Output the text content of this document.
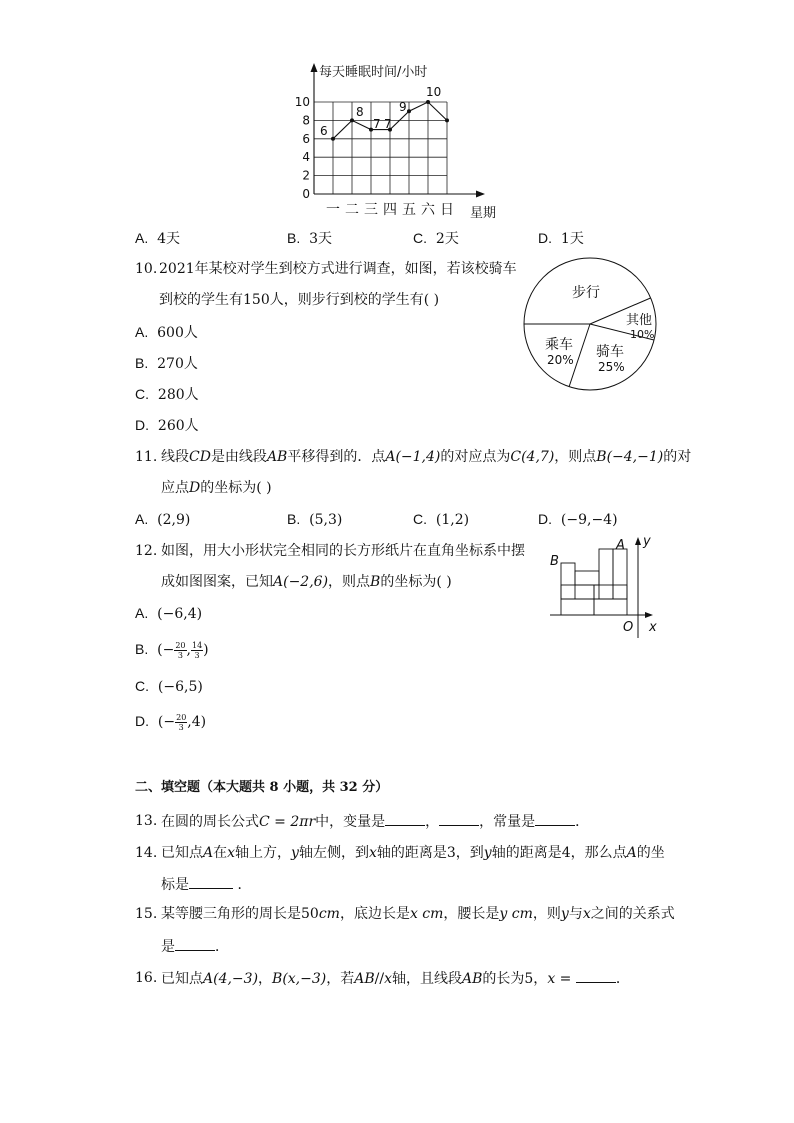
每天睡眠时间/小时
星期
10
8
6
4
2
0
一 二 三 四 五 六 日
6
8
7 7
9
10
A. 4天	B. 3天	C. 2天	D. 1天
10. 2021年某校对学生到校方式进行调查，如图，若该校骑车
到校的学生有150人，则步行到校的学生有( )
A. 600人
B. 270人
C. 280人
D. 260人
步行
其他
10%
乘车
20% 骑车
25%
11. 线段CD是由线段AB平移得到的．点A(−1,4)的对应点为C(4,7)，则点B(−4,−1)的对
应点D的坐标为( )
A. (2,9)	B. (5,3)	C. (1,2)	D. (−9,−4)
12. 如图，用大小形状完全相同的长方形纸片在直角坐标系中摆
成如图图案，已知A(−2,6)，则点B的坐标为( )
A. (−6,4)
B. (− $\frac{20}{3}$ , $\frac{14}{3}$ )
C. (−6,5)
D. (− $\frac{20}{3} ,4$)
B
A
O x
y
二、填空题（本大题共 8 小题，共 32 分）
13. 在圆的周长公式C = 2πr中，变量是	，	，常量是	．
14. 已知点A在x轴上方，y轴左侧，到x轴的距离是3，到y轴的距离是4，那么点A的坐
标是	．
15. 某等腰三角形的周长是50cm，底边长是x cm，腰长是y cm，则y与x之间的关系式
是	．
16. 已知点A(4,−3)，B(x,−3)，若AB//x轴，且线段AB的长为5，x =	．
